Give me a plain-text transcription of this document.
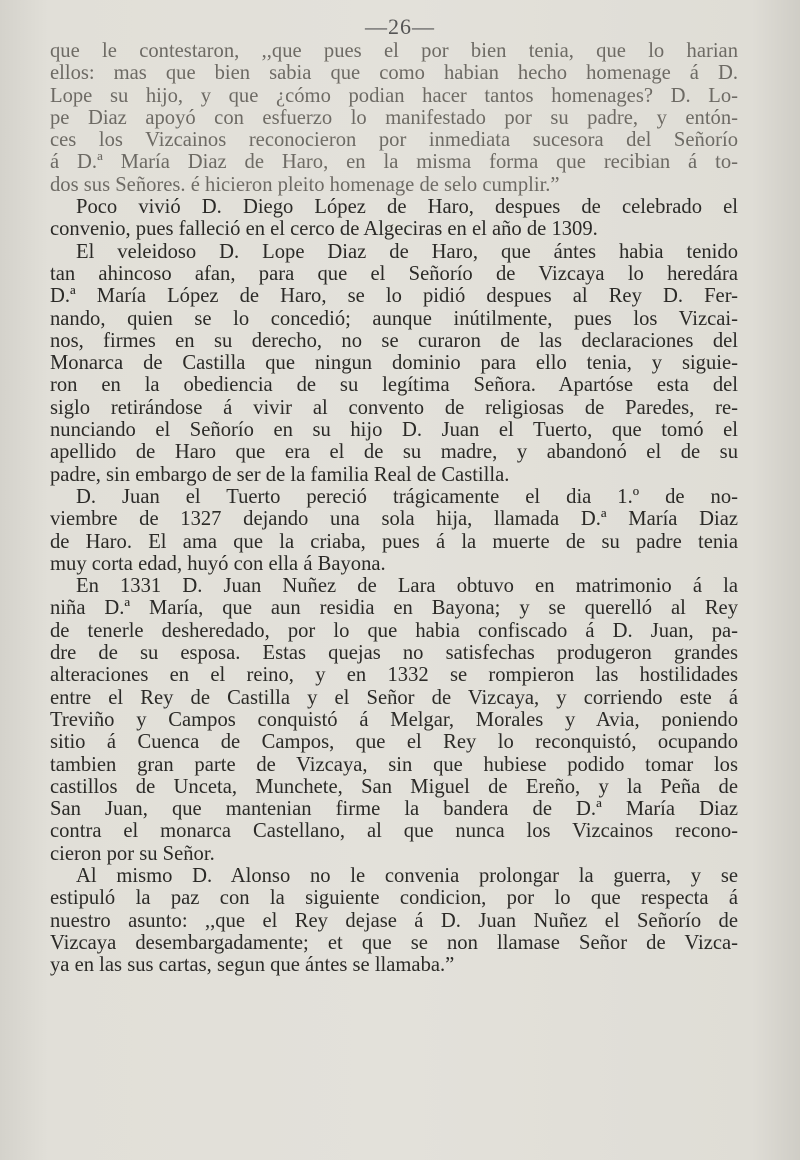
—26—
que le contestaron, ,,que pues el por bien tenia, que lo harian
ellos: mas que bien sabia que como habian hecho homenage á D.
Lope su hijo, y que ¿cómo podian hacer tantos homenages? D. Lo-
pe Diaz apoyó con esfuerzo lo manifestado por su padre, y entón-
ces los Vizcainos reconocieron por inmediata sucesora del Señorío
á D.ª María Diaz de Haro, en la misma forma que recibian á to-
dos sus Señores. é hicieron pleito homenage de selo cumplir.”
Poco vivió D. Diego López de Haro, despues de celebrado el
convenio, pues falleció en el cerco de Algeciras en el año de 1309.
El veleidoso D. Lope Diaz de Haro, que ántes habia tenido
tan ahincoso afan, para que el Señorío de Vizcaya lo heredára
D.ª María López de Haro, se lo pidió despues al Rey D. Fer-
nando, quien se lo concedió; aunque inútilmente, pues los Vizcai-
nos, firmes en su derecho, no se curaron de las declaraciones del
Monarca de Castilla que ningun dominio para ello tenia, y siguie-
ron en la obediencia de su legítima Señora. Apartóse esta del
siglo retirándose á vivir al convento de religiosas de Paredes, re-
nunciando el Señorío en su hijo D. Juan el Tuerto, que tomó el
apellido de Haro que era el de su madre, y abandonó el de su
padre, sin embargo de ser de la familia Real de Castilla.
D. Juan el Tuerto pereció trágicamente el dia 1.º de no-
viembre de 1327 dejando una sola hija, llamada D.ª María Diaz
de Haro. El ama que la criaba, pues á la muerte de su padre tenia
muy corta edad, huyó con ella á Bayona.
En 1331 D. Juan Nuñez de Lara obtuvo en matrimonio á la
niña D.ª María, que aun residia en Bayona; y se querelló al Rey
de tenerle desheredado, por lo que habia confiscado á D. Juan, pa-
dre de su esposa. Estas quejas no satisfechas produgeron grandes
alteraciones en el reino, y en 1332 se rompieron las hostilidades
entre el Rey de Castilla y el Señor de Vizcaya, y corriendo este á
Treviño y Campos conquistó á Melgar, Morales y Avia, poniendo
sitio á Cuenca de Campos, que el Rey lo reconquistó, ocupando
tambien gran parte de Vizcaya, sin que hubiese podido tomar los
castillos de Unceta, Munchete, San Miguel de Ereño, y la Peña de
San Juan, que mantenian firme la bandera de D.ª María Diaz
contra el monarca Castellano, al que nunca los Vizcainos recono-
cieron por su Señor.
Al mismo D. Alonso no le convenia prolongar la guerra, y se
estipuló la paz con la siguiente condicion, por lo que respecta á
nuestro asunto: ,,que el Rey dejase á D. Juan Nuñez el Señorío de
Vizcaya desembargadamente; et que se non llamase Señor de Vizca-
ya en las sus cartas, segun que ántes se llamaba.”
